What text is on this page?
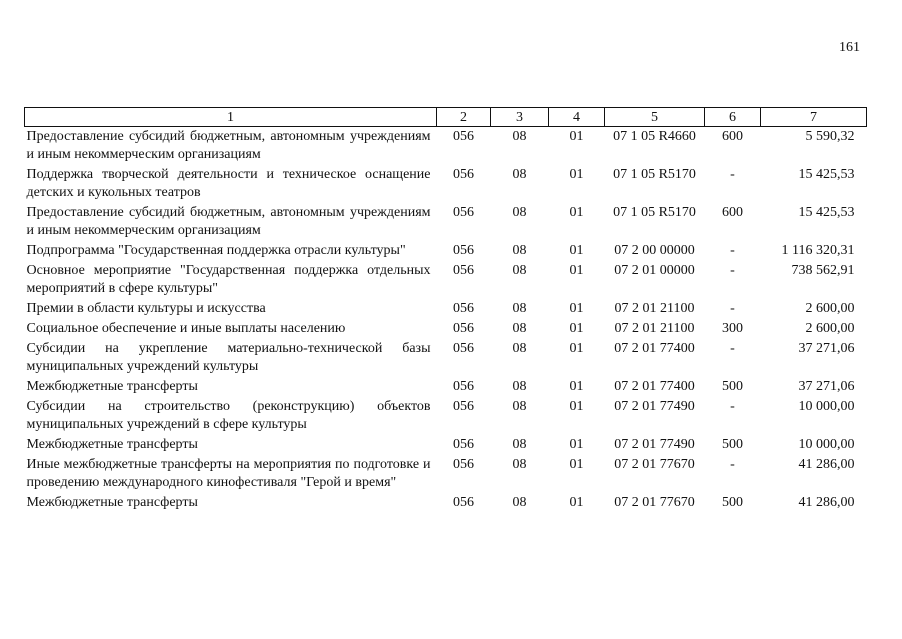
161
1	2	3	4	5	6	7
Предоставление субсидий бюджетным, автономным учреждениям и иным некоммерческим организациям	056	08	01	07 1 05 R4660	600	5 590,32
Поддержка творческой деятельности и техническое оснащение детских и кукольных театров	056	08	01	07 1 05 R5170	-	15 425,53
Предоставление субсидий бюджетным, автономным учреждениям и иным некоммерческим организациям	056	08	01	07 1 05 R5170	600	15 425,53
Подпрограмма "Государственная поддержка отрасли культуры"	056	08	01	07 2 00 00000	-	1 116 320,31
Основное мероприятие "Государственная поддержка отдельных мероприятий в сфере культуры"	056	08	01	07 2 01 00000	-	738 562,91
Премии в области культуры и искусства	056	08	01	07 2 01 21100	-	2 600,00
Социальное обеспечение и иные выплаты населению	056	08	01	07 2 01 21100	300	2 600,00
Субсидии на укрепление материально-технической базы муниципальных учреждений культуры	056	08	01	07 2 01 77400	-	37 271,06
Межбюджетные трансферты	056	08	01	07 2 01 77400	500	37 271,06
Субсидии на строительство (реконструкцию) объектов муниципальных учреждений в сфере культуры	056	08	01	07 2 01 77490	-	10 000,00
Межбюджетные трансферты	056	08	01	07 2 01 77490	500	10 000,00
Иные межбюджетные трансферты на мероприятия по подготовке и проведению международного кинофестиваля "Герой и время"	056	08	01	07 2 01 77670	-	41 286,00
Межбюджетные трансферты	056	08	01	07 2 01 77670	500	41 286,00
